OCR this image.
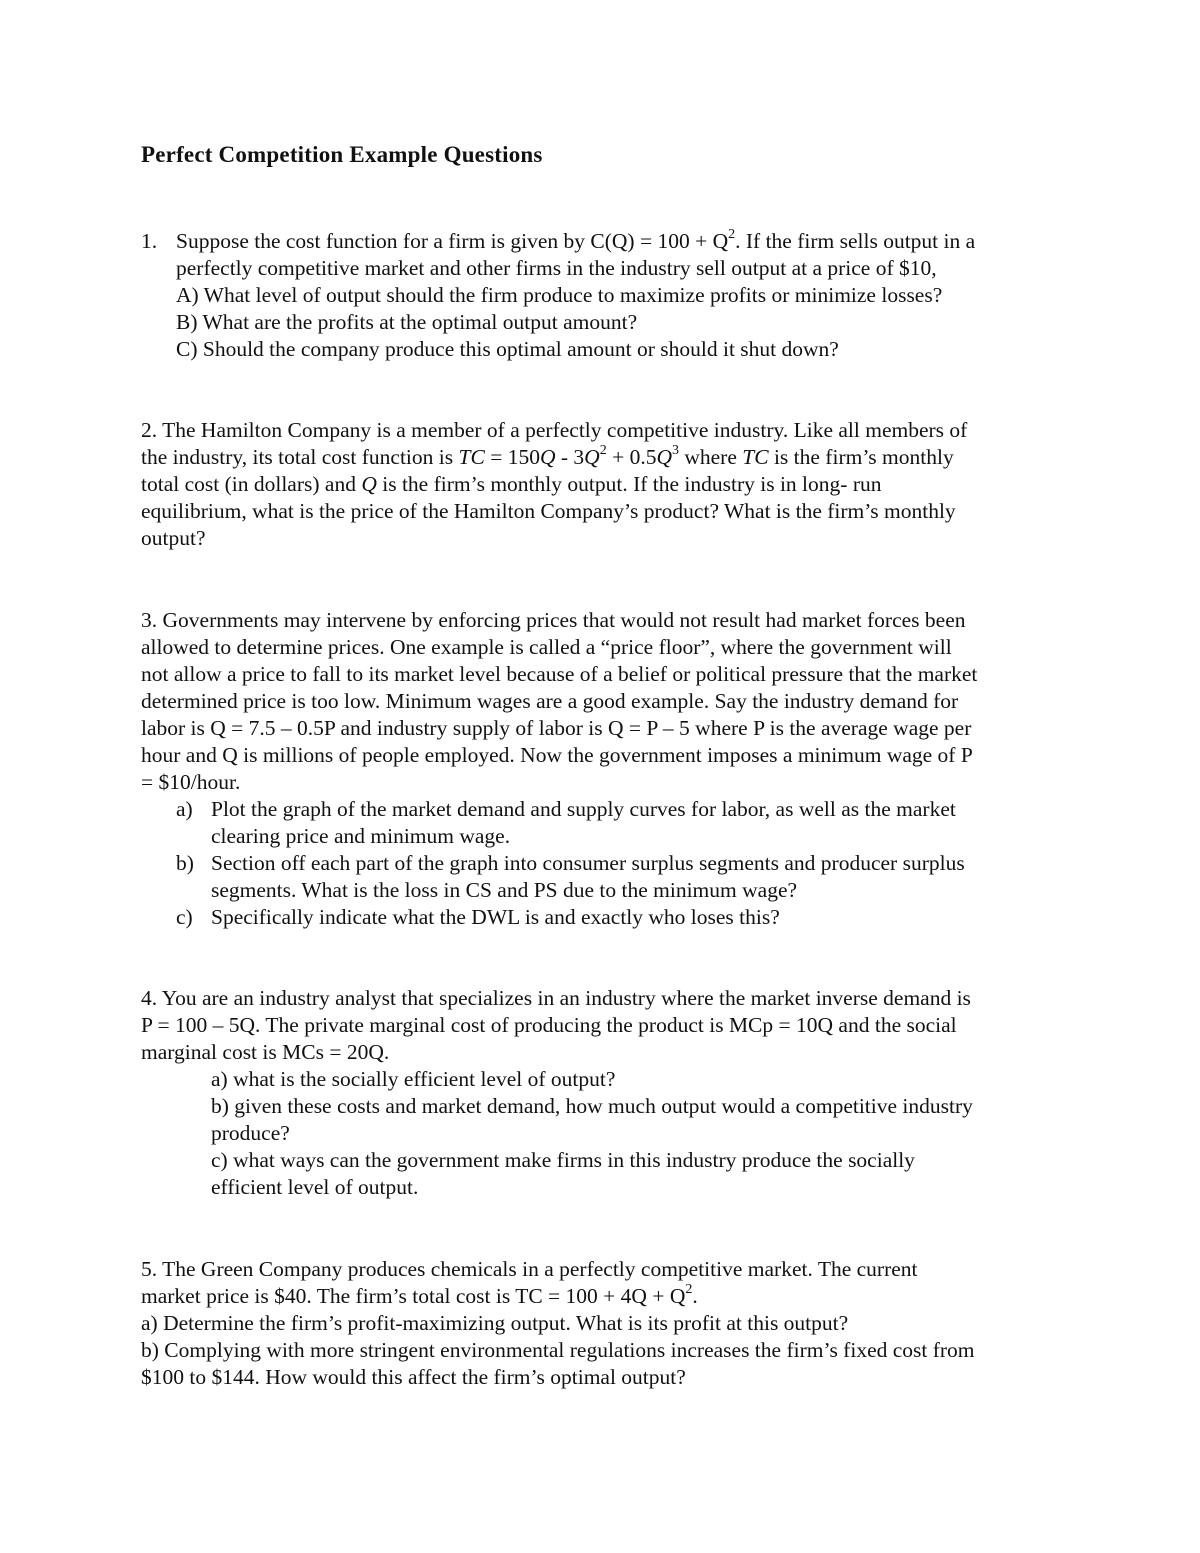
Perfect Competition Example Questions
1. Suppose the cost function for a firm is given by $C(Q) = 100 + Q^2$. If the firm sells output in a
perfectly competitive market and other firms in the industry sell output at a price of $10,
A) What level of output should the firm produce to maximize profits or minimize losses?
B) What are the profits at the optimal output amount?
C) Should the company produce this optimal amount or should it shut down?
2. The Hamilton Company is a member of a perfectly competitive industry. Like all members of
the industry, its total cost function is TC = $150Q - 3Q^2 + 0.5Q^3$ where TC is the firm’s monthly
total cost (in dollars) and Q is the firm’s monthly output. If the industry is in long- run
equilibrium, what is the price of the Hamilton Company’s product? What is the firm’s monthly
output?
3. Governments may intervene by enforcing prices that would not result had market forces been
allowed to determine prices. One example is called a “price floor”, where the government will
not allow a price to fall to its market level because of a belief or political pressure that the market
determined price is too low. Minimum wages are a good example. Say the industry demand for
labor is Q = 7.5 – 0.5P and industry supply of labor is Q = P – 5 where P is the average wage per
hour and Q is millions of people employed. Now the government imposes a minimum wage of P
= $10/hour.
a) Plot the graph of the market demand and supply curves for labor, as well as the market
clearing price and minimum wage.
b) Section off each part of the graph into consumer surplus segments and producer surplus
segments. What is the loss in CS and PS due to the minimum wage?
c) Specifically indicate what the DWL is and exactly who loses this?
4. You are an industry analyst that specializes in an industry where the market inverse demand is
P = 100 – 5Q. The private marginal cost of producing the product is MCp = 10Q and the social
marginal cost is MCs = 20Q.
a) what is the socially efficient level of output?
b) given these costs and market demand, how much output would a competitive industry
produce?
c) what ways can the government make firms in this industry produce the socially
efficient level of output.
5. The Green Company produces chemicals in a perfectly competitive market. The current
market price is $40. The firm’s total cost is TC = $100 + 4Q + Q^2$.
a) Determine the firm’s profit-maximizing output. What is its profit at this output?
b) Complying with more stringent environmental regulations increases the firm’s fixed cost from
$100 to $144. How would this affect the firm’s optimal output?
